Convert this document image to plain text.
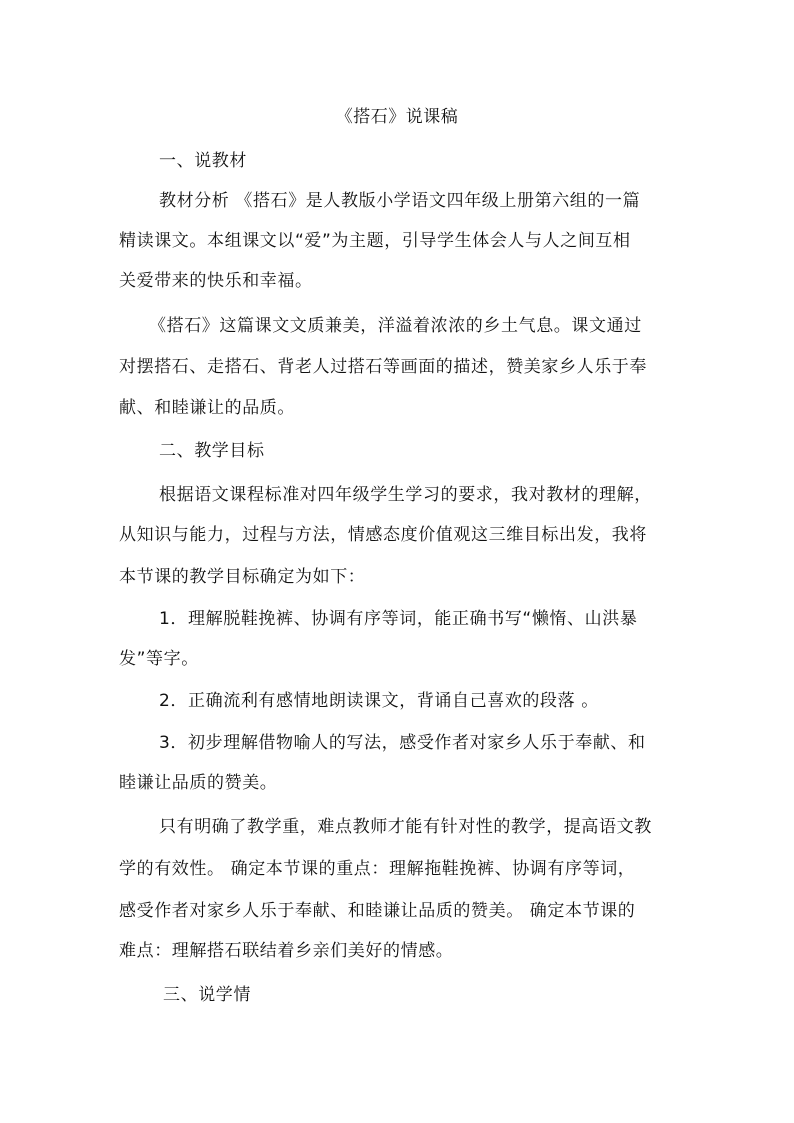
《搭石》说课稿
一、说教材
教材分析 《搭石》是人教版小学语文四年级上册第六组的一篇
精读课文。本组课文以“爱”为主题，引导学生体会人与人之间互相
关爱带来的快乐和幸福。
《搭石》这篇课文文质兼美，洋溢着浓浓的乡土气息。课文通过
对摆搭石、走搭石、背老人过搭石等画面的描述，赞美家乡人乐于奉
献、和睦谦让的品质。
二、教学目标
根据语文课程标准对四年级学生学习的要求，我对教材的理解，
从知识与能力，过程与方法，情感态度价值观这三维目标出发，我将
本节课的教学目标确定为如下：
1．理解脱鞋挽裤、协调有序等词，能正确书写“懒惰、山洪暴
发”等字。
2．正确流利有感情地朗读课文，背诵自己喜欢的段落 。
3．初步理解借物喻人的写法，感受作者对家乡人乐于奉献、和
睦谦让品质的赞美。
只有明确了教学重，难点教师才能有针对性的教学，提高语文教
学的有效性。 确定本节课的重点：理解拖鞋挽裤、协调有序等词，
感受作者对家乡人乐于奉献、和睦谦让品质的赞美。 确定本节课的
难点：理解搭石联结着乡亲们美好的情感。
三、说学情
